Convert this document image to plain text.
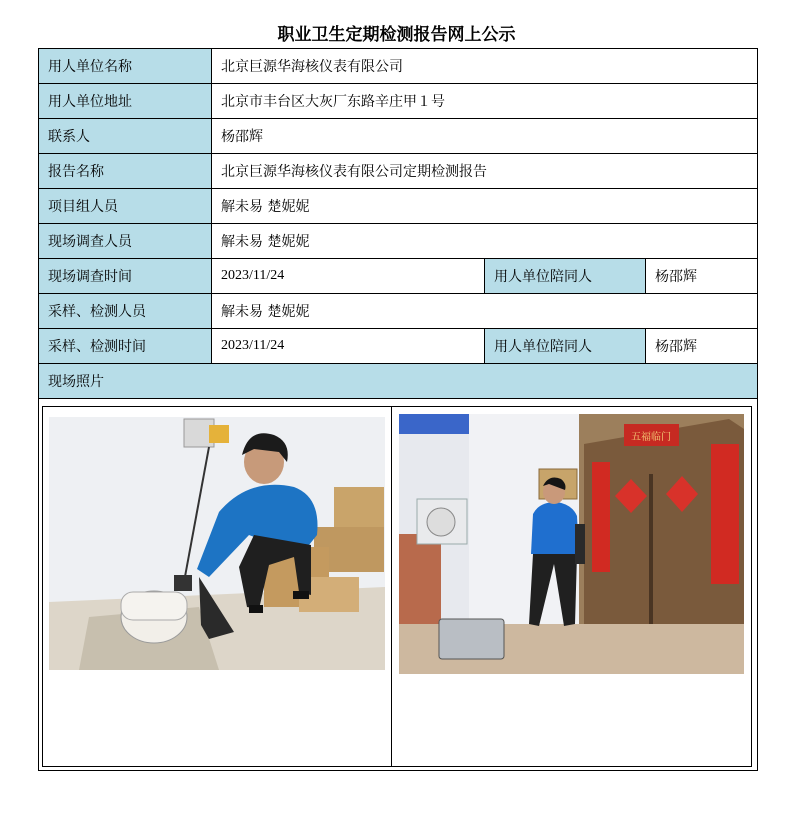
职业卫生定期检测报告网上公示
用人单位名称	北京巨源华海核仪表有限公司		
用人单位地址	北京市丰台区大灰厂东路辛庄甲１号		
联系人	杨邵辉		
报告名称	北京巨源华海核仪表有限公司定期检测报告		
项目组人员	解未易 楚妮妮		
现场调查人员	解未易 楚妮妮		
现场调查时间	2023/11/24	用人单位陪同人	杨邵辉
采样、检测人员	解未易 楚妮妮		
采样、检测时间	2023/11/24	用人单位陪同人	杨邵辉
现场照片			

五福临门
